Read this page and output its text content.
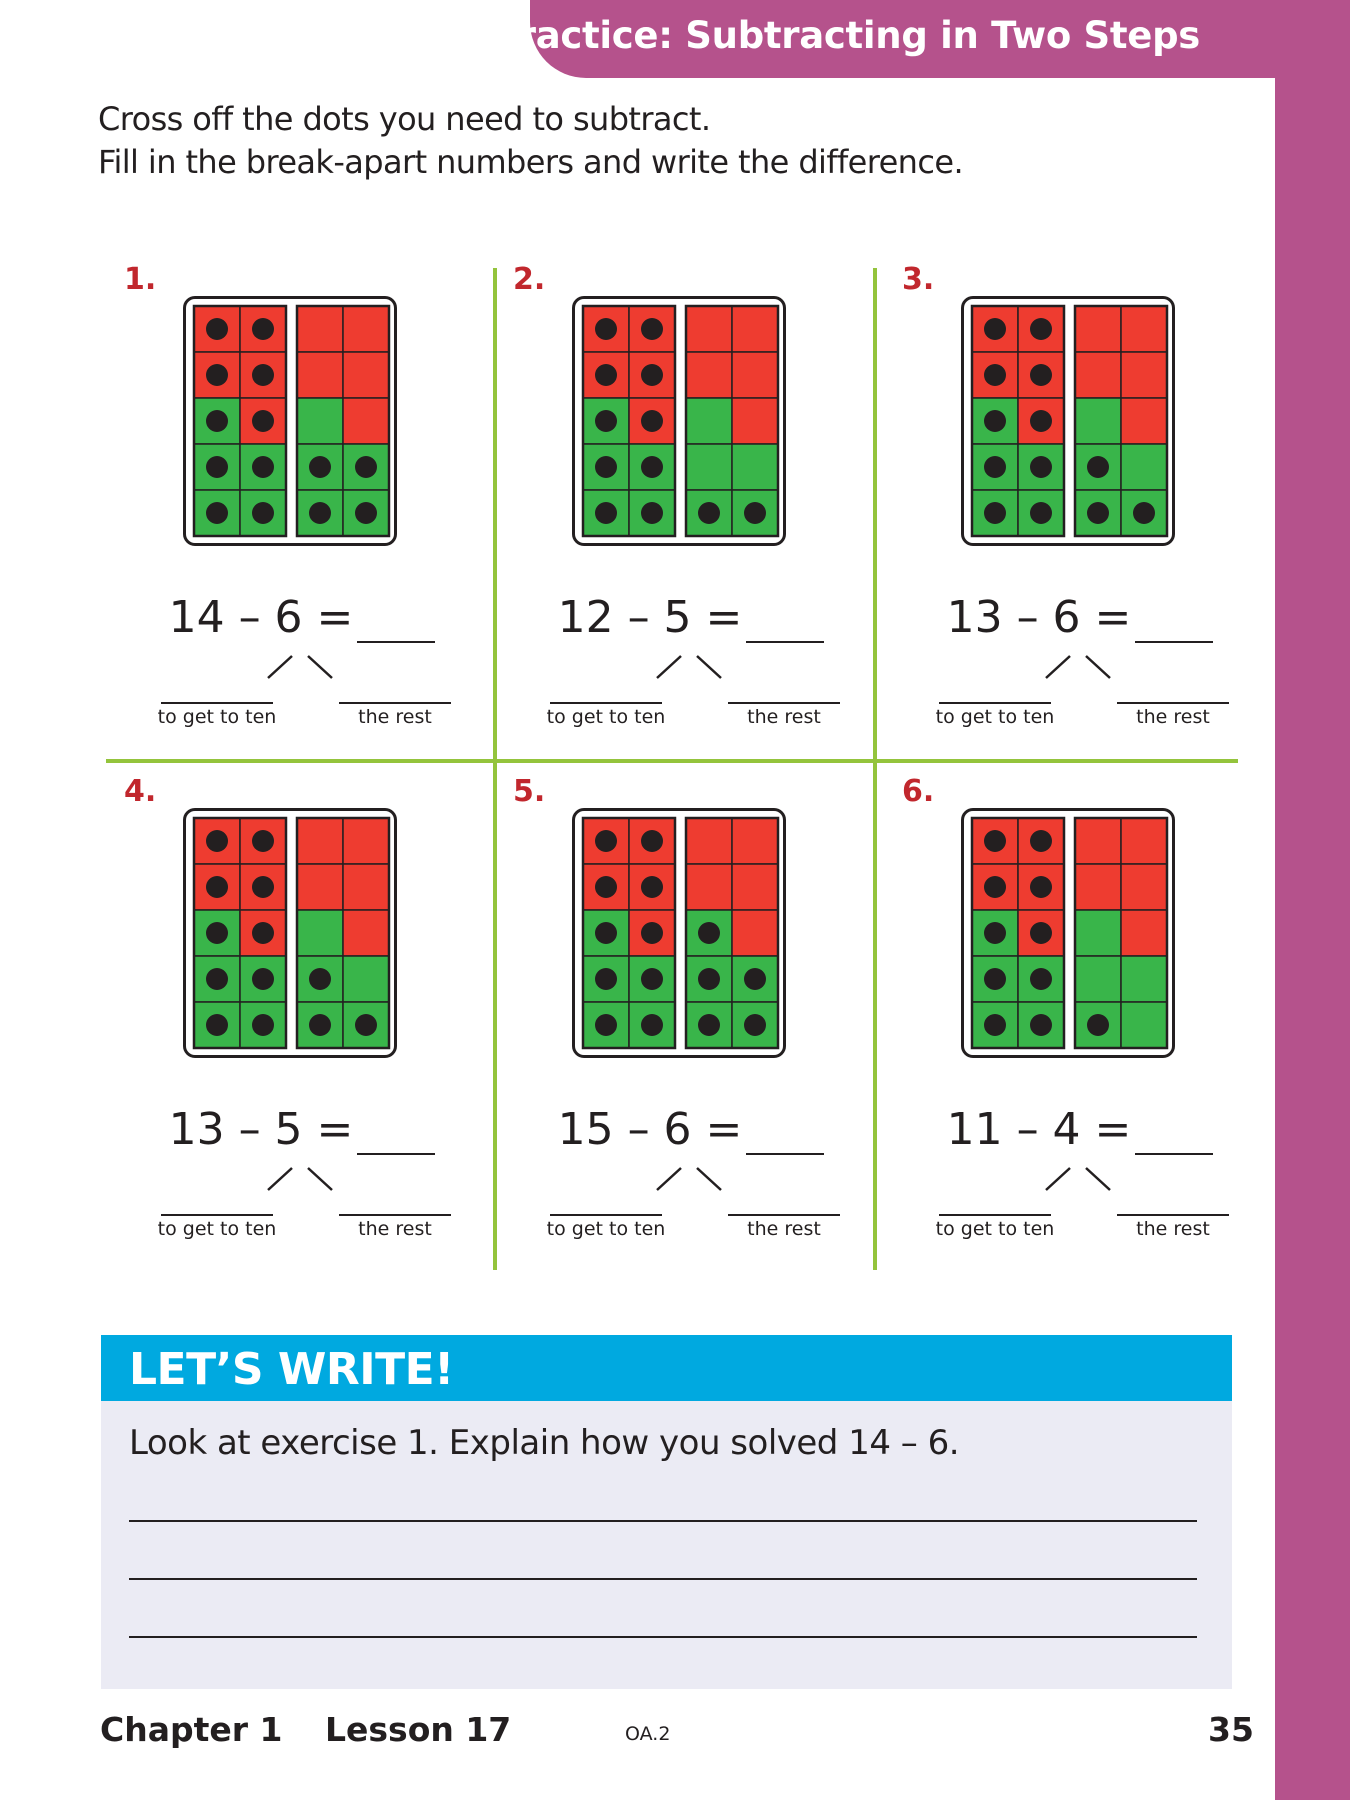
Practice: Subtracting in Two Steps
Cross off the dots you need to subtract.
Fill in the break-apart numbers and write the difference.
1.
14 – 6 =
to get to ten	the rest
2.
12 – 5 =
to get to ten	the rest
3.
13 – 6 =
to get to ten	the rest
4.
13 – 5 =
to get to ten	the rest
5.
15 – 6 =
to get to ten	the rest
6.
11 – 4 =
to get to ten	the rest
LET’S WRITE!
Look at exercise 1. Explain how you solved 14 – 6.
Chapter 1 Lesson 17	OA.2	35
